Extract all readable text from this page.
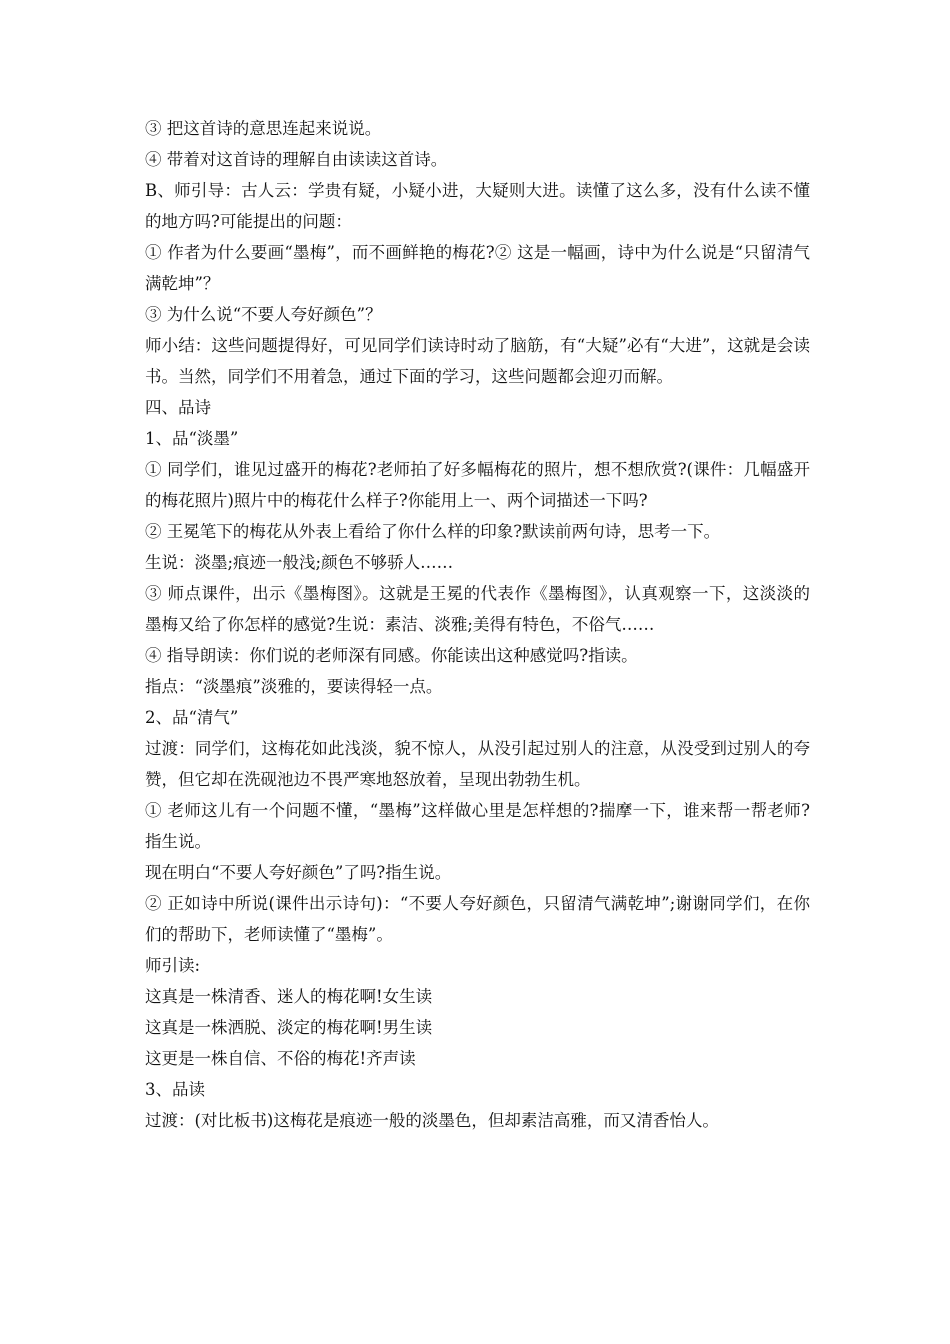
③ 把这首诗的意思连起来说说。

④ 带着对这首诗的理解自由读读这首诗。

B、师引导：古人云：学贵有疑，小疑小进，大疑则大进。读懂了这么多，没有什么读不懂的地方吗?可能提出的问题：

① 作者为什么要画“墨梅”，而不画鲜艳的梅花?② 这是一幅画，诗中为什么说是“只留清气满乾坤”？

③ 为什么说“不要人夸好颜色”？

师小结：这些问题提得好，可见同学们读诗时动了脑筋，有“大疑”必有“大进”，这就是会读书。当然，同学们不用着急，通过下面的学习，这些问题都会迎刃而解。

四、品诗

1、品“淡墨”

① 同学们，谁见过盛开的梅花?老师拍了好多幅梅花的照片，想不想欣赏?(课件：几幅盛开的梅花照片)照片中的梅花什么样子?你能用上一、两个词描述一下吗?

② 王冕笔下的梅花从外表上看给了你什么样的印象?默读前两句诗，思考一下。

生说：淡墨;痕迹一般浅;颜色不够骄人……

③ 师点课件，出示《墨梅图》。这就是王冕的代表作《墨梅图》，认真观察一下，这淡淡的墨梅又给了你怎样的感觉?生说：素洁、淡雅;美得有特色，不俗气……

④ 指导朗读：你们说的老师深有同感。你能读出这种感觉吗?指读。

指点：“淡墨痕”淡雅的，要读得轻一点。

2、品“清气”

过渡：同学们，这梅花如此浅淡，貌不惊人，从没引起过别人的注意，从没受到过别人的夸赞，但它却在洗砚池边不畏严寒地怒放着，呈现出勃勃生机。

① 老师这儿有一个问题不懂，“墨梅”这样做心里是怎样想的?揣摩一下，谁来帮一帮老师?指生说。

现在明白“不要人夸好颜色”了吗?指生说。

② 正如诗中所说(课件出示诗句)：“不要人夸好颜色，只留清气满乾坤”;谢谢同学们，在你们的帮助下，老师读懂了“墨梅”。

师引读:

这真是一株清香、迷人的梅花啊!女生读

这真是一株洒脱、淡定的梅花啊!男生读

这更是一株自信、不俗的梅花!齐声读

3、品读

过渡：(对比板书)这梅花是痕迹一般的淡墨色，但却素洁高雅，而又清香怡人。
